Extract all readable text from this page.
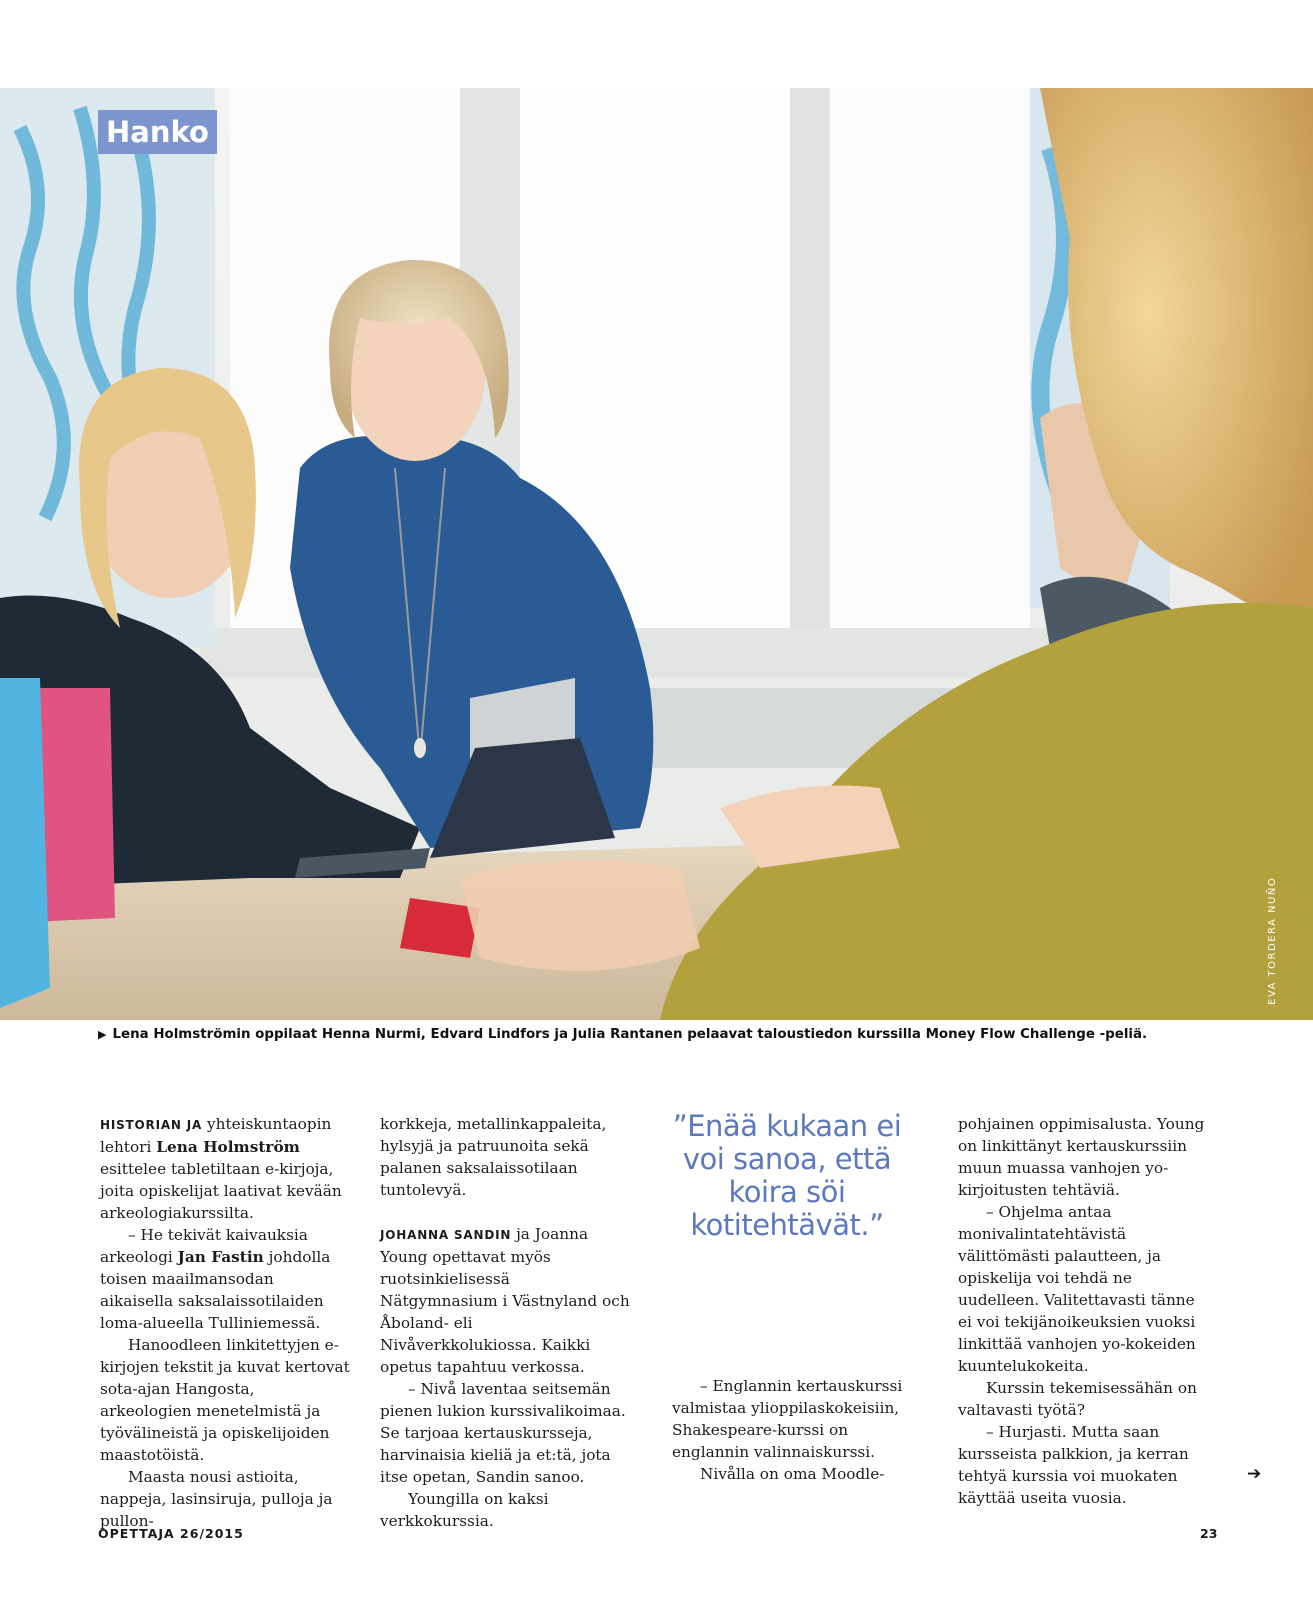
Hanko
EVA TORDERA NUÑO
▶ Lena Holmströmin oppilaat Henna Nurmi, Edvard Lindfors ja Julia Rantanen pelaavat taloustiedon kurssilla Money Flow Challenge -peliä.

HISTORIAN JA yhteiskuntaopin lehtori Lena Holmström esittelee tabletiltaan e-kirjoja, joita opiskelijat laativat kevään arkeologiakurssilta.

– He tekivät kaivauksia arkeologi Jan Fastin johdolla toisen maailmansodan aikaisella saksalaissotilaiden loma-alueella Tulliniemessä.

Hanoodleen linkitettyjen e-kirjojen tekstit ja kuvat kertovat sota-ajan Hangosta, arkeologien menetelmistä ja työvälineistä ja opiskelijoiden maastotöistä.

Maasta nousi astioita, nappeja, lasinsiruja, pulloja ja pullon-

korkkeja, metallinkappaleita, hylsyjä ja patruunoita sekä palanen saksalaissotilaan tuntolevyä.

JOHANNA SANDIN ja Joanna Young opettavat myös ruotsinkielisessä Nätgymnasium i Västnyland och Åboland- eli Nivåverkkolukiossa. Kaikki opetus tapahtuu verkossa.

– Nivå laventaa seitsemän pienen lukion kurssivalikoimaa. Se tarjoaa kertauskursseja, harvinaisia kieliä ja et:tä, jota itse opetan, Sandin sanoo.

Youngilla on kaksi verkkokurssia.

”Enää kukaan ei voi sanoa, että koira söi kotitehtävät.”

– Englannin kertauskurssi valmistaa ylioppilaskokeisiin, Shakespeare-kurssi on englannin valinnaiskurssi.

Nivålla on oma Moodle-

pohjainen oppimisalusta. Young on linkittänyt kertauskurssiin muun muassa vanhojen yo-kirjoitusten tehtäviä.

– Ohjelma antaa monivalintatehtävistä välittömästi palautteen, ja opiskelija voi tehdä ne uudelleen. Valitettavasti tänne ei voi tekijänoikeuksien vuoksi linkittää vanhojen yo-kokeiden kuuntelukokeita.

Kurssin tekemisessähän on valtavasti työtä?

– Hurjasti. Mutta saan kursseista palkkion, ja kerran tehtyä kurssia voi muokaten käyttää useita vuosia.

➔
OPETTAJA 26/2015	23
